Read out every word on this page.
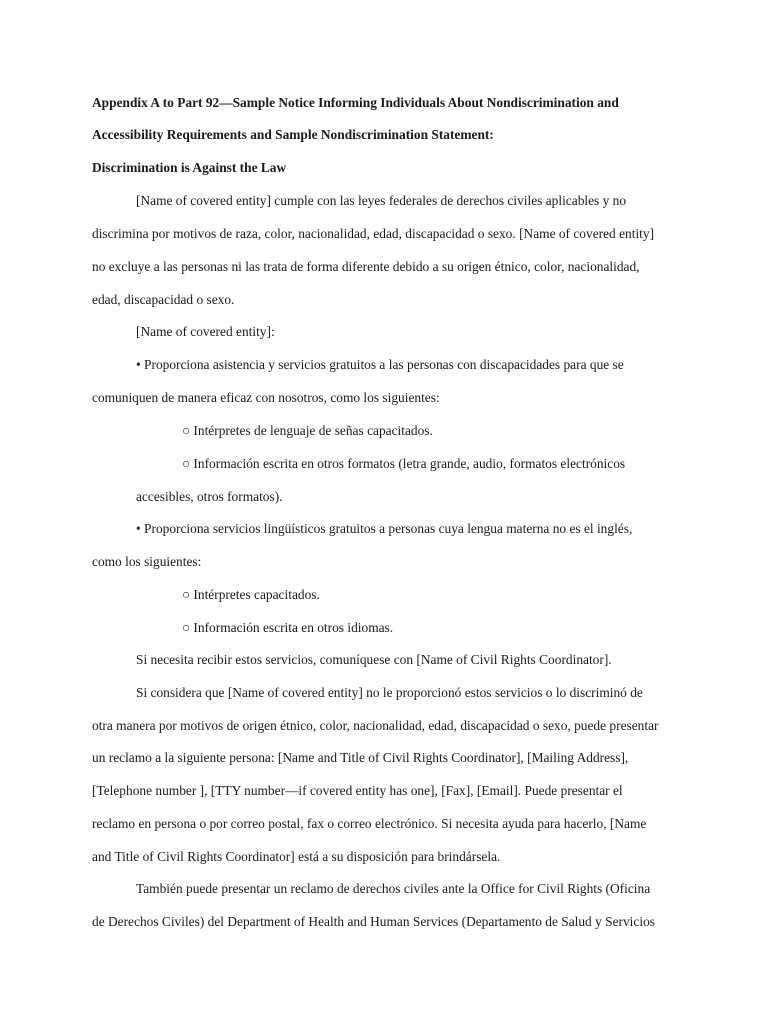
Appendix A to Part 92—Sample Notice Informing Individuals About Nondiscrimination and
Accessibility Requirements and Sample Nondiscrimination Statement:
Discrimination is Against the Law
[Name of covered entity] cumple con las leyes federales de derechos civiles aplicables y no
discrimina por motivos de raza, color, nacionalidad, edad, discapacidad o sexo. [Name of covered entity]
no excluye a las personas ni las trata de forma diferente debido a su origen étnico, color, nacionalidad,
edad, discapacidad o sexo.
[Name of covered entity]:
• Proporciona asistencia y servicios gratuitos a las personas con discapacidades para que se
comuniquen de manera eficaz con nosotros, como los siguientes:
○ Intérpretes de lenguaje de señas capacitados.
○ Información escrita en otros formatos (letra grande, audio, formatos electrónicos
accesibles, otros formatos).
• Proporciona servicios lingüísticos gratuitos a personas cuya lengua materna no es el inglés,
como los siguientes:
○ Intérpretes capacitados.
○ Información escrita en otros idiomas.
Si necesita recibir estos servicios, comuníquese con [Name of Civil Rights Coordinator].
Si considera que [Name of covered entity] no le proporcionó estos servicios o lo discriminó de
otra manera por motivos de origen étnico, color, nacionalidad, edad, discapacidad o sexo, puede presentar
un reclamo a la siguiente persona: [Name and Title of Civil Rights Coordinator], [Mailing Address],
[Telephone number ], [TTY number—if covered entity has one], [Fax], [Email]. Puede presentar el
reclamo en persona o por correo postal, fax o correo electrónico. Si necesita ayuda para hacerlo, [Name
and Title of Civil Rights Coordinator] está a su disposición para brindársela.
También puede presentar un reclamo de derechos civiles ante la Office for Civil Rights (Oficina
de Derechos Civiles) del Department of Health and Human Services (Departamento de Salud y Servicios
